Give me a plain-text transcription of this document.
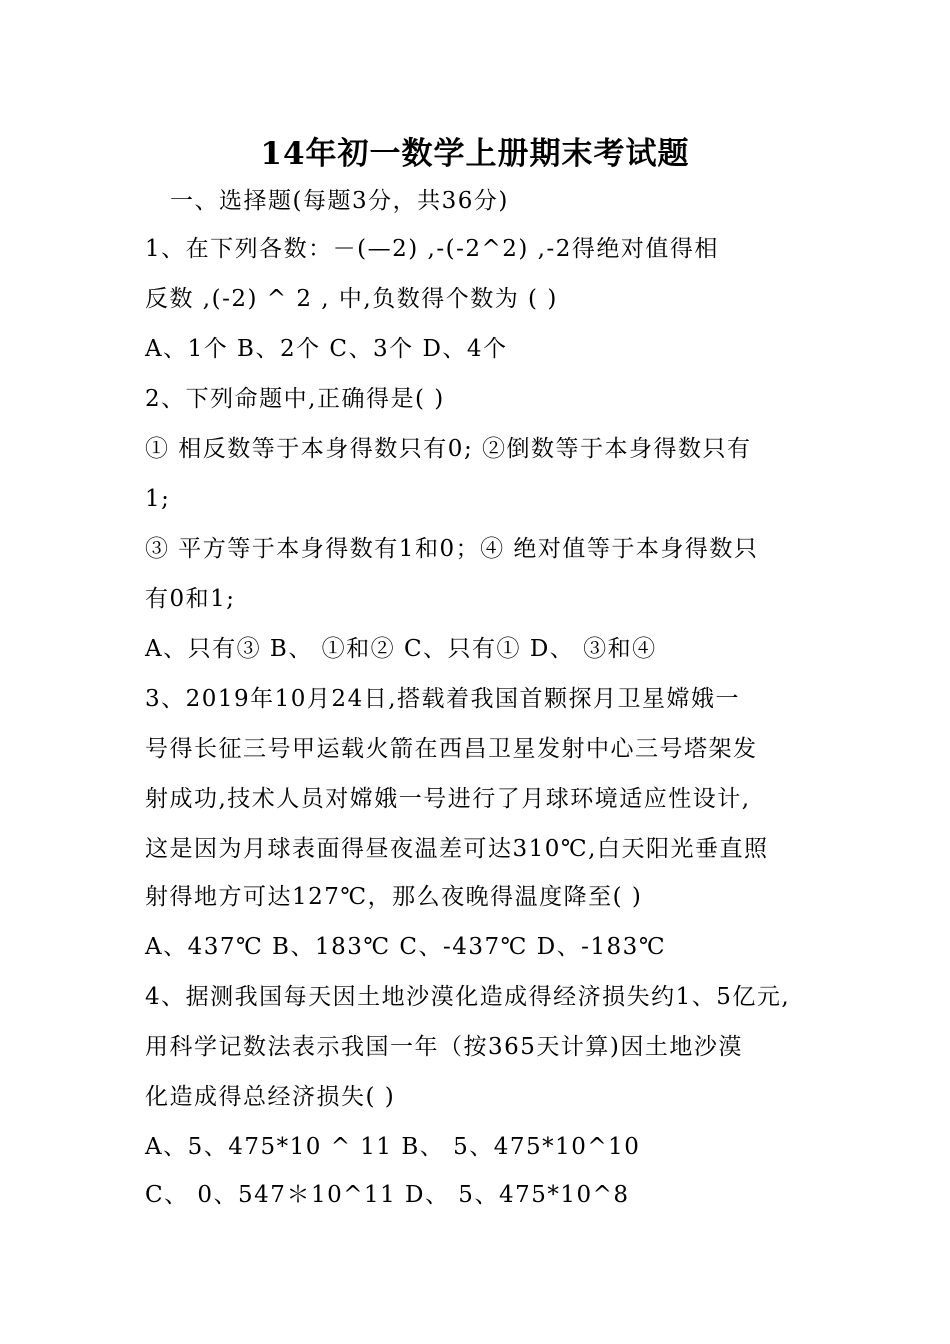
14年初一数学上册期末考试题
一、选择题(每题3分，共36分)
1、在下列各数：－(—2) ,-(-2^2) ,-2得绝对值得相
反数 ,(-2) ^ 2 , 中,负数得个数为 ( )
A、1个 B、2个 C、3个 D、4个
2、下列命题中,正确得是( )
① 相反数等于本身得数只有0; ②倒数等于本身得数只有
1;
③ 平方等于本身得数有1和0；④ 绝对值等于本身得数只
有0和1;
A、只有③ B、 ①和② C、只有① D、 ③和④
3、2019年10月24日,搭载着我国首颗探月卫星嫦娥一
号得长征三号甲运载火箭在西昌卫星发射中心三号塔架发
射成功,技术人员对嫦娥一号进行了月球环境适应性设计,
这是因为月球表面得昼夜温差可达310℃,白天阳光垂直照
射得地方可达127℃，那么夜晚得温度降至( )
A、437℃ B、183℃ C、-437℃ D、-183℃
4、据测我国每天因土地沙漠化造成得经济损失约1、5亿元,
用科学记数法表示我国一年（按365天计算)因土地沙漠
化造成得总经济损失( )
A、5、475*10 ^ 11 B、 5、475*10^10
C、 0、547＊10^11 D、 5、475*10^8
